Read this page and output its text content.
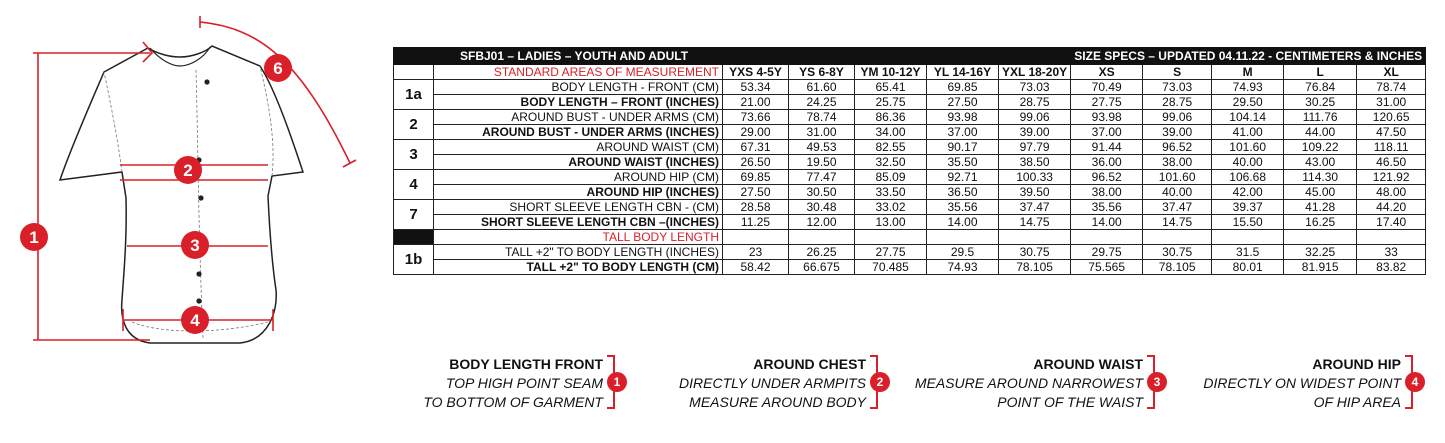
1
2
3
4
6
	SFBJ01 – LADIES – YOUTH AND ADULT				SIZE SPECS – UPDATED 04.11.22 - CENTIMETERS & INCHES						
	STANDARD AREAS OF MEASUREMENT	YXS 4-5Y	YS 6-8Y	YM 10-12Y	YL 14-16Y	YXL 18-20Y	XS	S	M	L	XL
1a	BODY LENGTH - FRONT (CM)	53.34	61.60	65.41	69.85	73.03	70.49	73.03	74.93	76.84	78.74
	BODY LENGTH – FRONT (INCHES)	21.00	24.25	25.75	27.50	28.75	27.75	28.75	29.50	30.25	31.00
2	AROUND BUST - UNDER ARMS (CM)	73.66	78.74	86.36	93.98	99.06	93.98	99.06	104.14	111.76	120.65
	AROUND BUST - UNDER ARMS (INCHES)	29.00	31.00	34.00	37.00	39.00	37.00	39.00	41.00	44.00	47.50
3	AROUND WAIST (CM)	67.31	49.53	82.55	90.17	97.79	91.44	96.52	101.60	109.22	118.11
	AROUND WAIST (INCHES)	26.50	19.50	32.50	35.50	38.50	36.00	38.00	40.00	43.00	46.50
4	AROUND HIP (CM)	69.85	77.47	85.09	92.71	100.33	96.52	101.60	106.68	114.30	121.92
	AROUND HIP (INCHES)	27.50	30.50	33.50	36.50	39.50	38.00	40.00	42.00	45.00	48.00
7	SHORT SLEEVE LENGTH CBN - (CM)	28.58	30.48	33.02	35.56	37.47	35.56	37.47	39.37	41.28	44.20
	SHORT SLEEVE LENGTH CBN –(INCHES)	11.25	12.00	13.00	14.00	14.75	14.00	14.75	15.50	16.25	17.40
	TALL BODY LENGTH										
1b	TALL +2" TO BODY LENGTH (INCHES)	23	26.25	27.75	29.5	30.75	29.75	30.75	31.5	32.25	33
	TALL +2" TO BODY LENGTH (CM)	58.42	66.675	70.485	74.93	78.105	75.565	78.105	80.01	81.915	83.82
BODY LENGTH FRONT
TOP HIGH POINT SEAM
TO BOTTOM OF GARMENT
1
AROUND CHEST
DIRECTLY UNDER ARMPITS
MEASURE AROUND BODY
2
AROUND WAIST
MEASURE AROUND NARROWEST
POINT OF THE WAIST
3
AROUND HIP
DIRECTLY ON WIDEST POINT
OF HIP AREA
4
